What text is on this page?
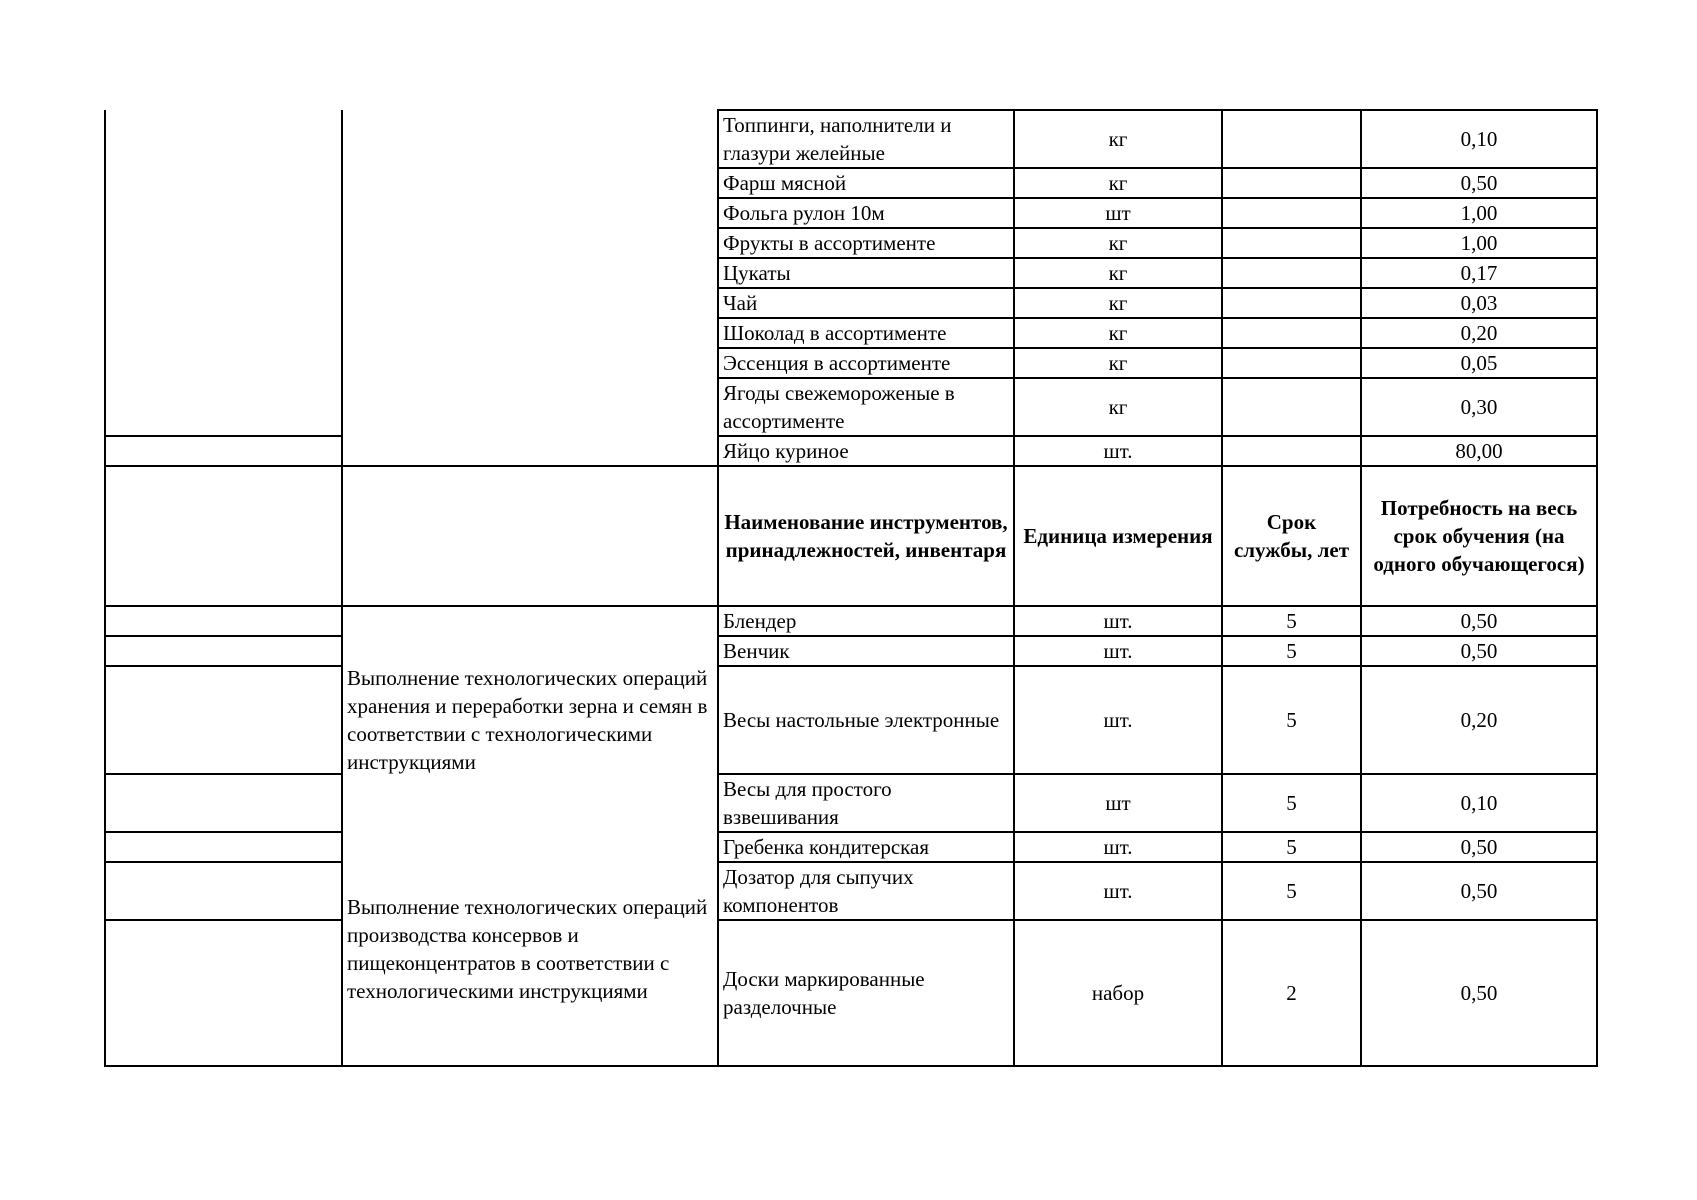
		Топпинги, наполнители и глазури желейные	кг		0,10
		Фарш мясной	кг		0,50
		Фольга рулон 10м	шт		1,00
		Фрукты в ассортименте	кг		1,00
		Цукаты	кг		0,17
		Чай	кг		0,03
		Шоколад в ассортименте	кг		0,20
		Эссенция в ассортименте	кг		0,05
		Ягоды свежемороженые в ассортименте	кг		0,30
		Яйцо куриное	шт.		80,00
		Наименование инструментов, принадлежностей, инвентаря	Единица измерения	Срок службы, лет	Потребность на весь срок обучения (на одного обучающегося)
	Выполнение технологических операций хранения и переработки зерна и семян в соответствии с технологическими инструкциями	Блендер	шт.	5	0,50
		Венчик	шт.	5	0,50
		Весы настольные электронные	шт.	5	0,20
		Весы для простого взвешивания	шт	5	0,10
	Выполнение технологических операций производства консервов и пищеконцентратов в соответствии с технологическими инструкциями	Гребенка кондитерская	шт.	5	0,50
		Дозатор для сыпучих компонентов	шт.	5	0,50
		Доски маркированные разделочные	набор	2	0,50
